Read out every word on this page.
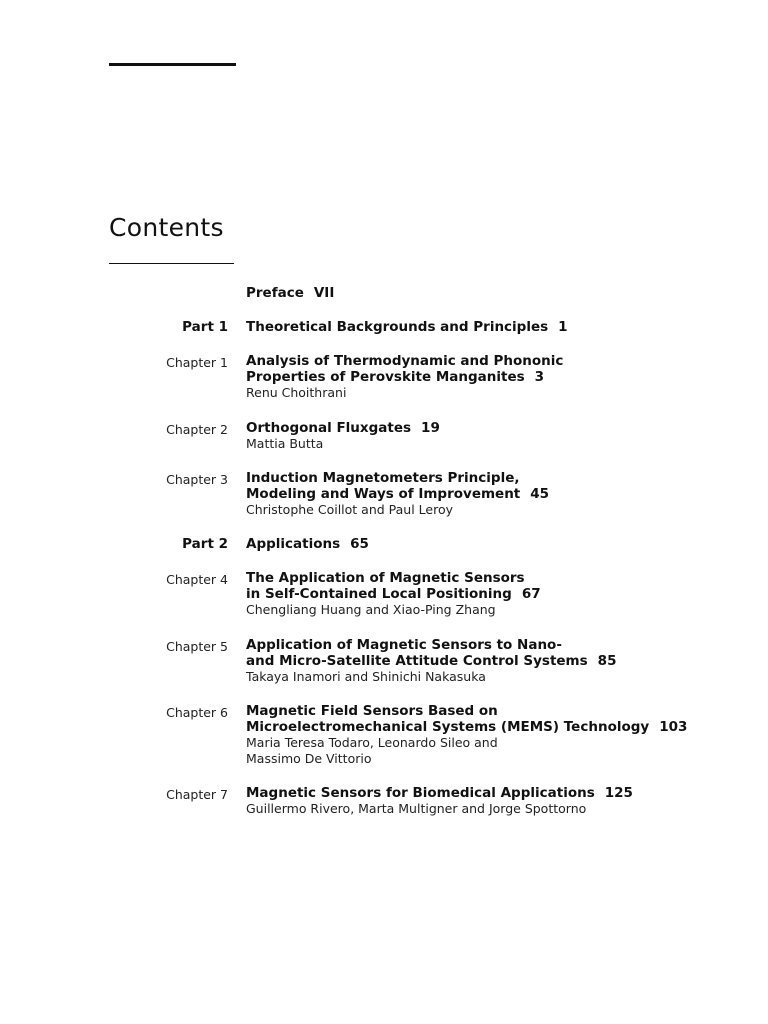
Contents
Preface VII
Part 1 Theoretical Backgrounds and Principles 1
Chapter 1 Analysis of Thermodynamic and Phononic
Properties of Perovskite Manganites 3
Renu Choithrani
Chapter 2 Orthogonal Fluxgates 19
Mattia Butta
Chapter 3 Induction Magnetometers Principle,
Modeling and Ways of Improvement 45
Christophe Coillot and Paul Leroy
Part 2 Applications 65
Chapter 4 The Application of Magnetic Sensors
in Self-Contained Local Positioning 67
Chengliang Huang and Xiao-Ping Zhang
Chapter 5 Application of Magnetic Sensors to Nano-
and Micro-Satellite Attitude Control Systems 85
Takaya Inamori and Shinichi Nakasuka
Chapter 6 Magnetic Field Sensors Based on
Microelectromechanical Systems (MEMS) Technology 103
Maria Teresa Todaro, Leonardo Sileo and
Massimo De Vittorio
Chapter 7 Magnetic Sensors for Biomedical Applications 125
Guillermo Rivero, Marta Multigner and Jorge Spottorno
